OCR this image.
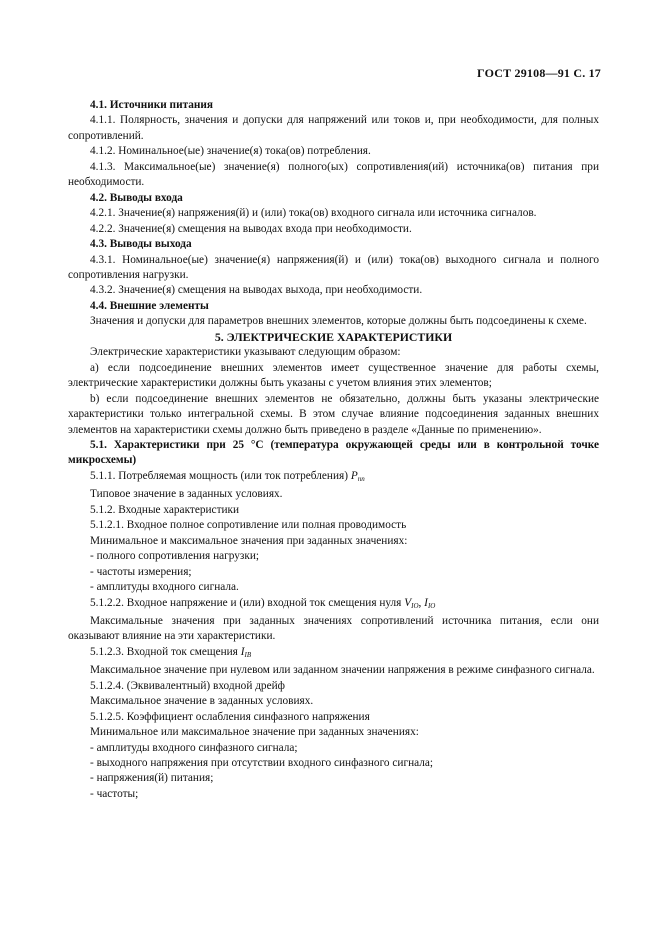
ГОСТ 29108—91 С. 17

4.1. Источники питания

4.1.1. Полярность, значения и допуски для напряжений или токов и, при необходимости, для полных сопротивлений.

4.1.2. Номинальное(ые) значение(я) тока(ов) потребления.

4.1.3. Максимальное(ые) значение(я) полного(ых) сопротивления(ий) источника(ов) питания при необходимости.

4.2. Выводы входа

4.2.1. Значение(я) напряжения(й) и (или) тока(ов) входного сигнала или источника сигналов.

4.2.2. Значение(я) смещения на выводах входа при необходимости.

4.3. Выводы выхода

4.3.1. Номинальное(ые) значение(я) напряжения(й) и (или) тока(ов) выходного сигнала и полного сопротивления нагрузки.

4.3.2. Значение(я) смещения на выводах выхода, при необходимости.

4.4. Внешние элементы

Значения и допуски для параметров внешних элементов, которые должны быть подсоединены к схеме.

5. ЭЛЕКТРИЧЕСКИЕ ХАРАКТЕРИСТИКИ

Электрические характеристики указывают следующим образом:

а) если подсоединение внешних элементов имеет существенное значение для работы схемы, электрические характеристики должны быть указаны с учетом влияния этих элементов;

b) если подсоединение внешних элементов не обязательно, должны быть указаны электрические характеристики только интегральной схемы. В этом случае влияние подсоединения заданных внешних элементов на характеристики схемы должно быть приведено в разделе «Данные по применению».

5.1. Характеристики при 25 °С (температура окружающей среды или в контрольной точке микросхемы)

5.1.1. Потребляемая мощность (или ток потребления) $P_{пп}$

Типовое значение в заданных условиях.

5.1.2. Входные характеристики

5.1.2.1. Входное полное сопротивление или полная проводимость

Минимальное и максимальное значения при заданных значениях:

- полного сопротивления нагрузки;

- частоты измерения;

- амплитуды входного сигнала.

5.1.2.2. Входное напряжение и (или) входной ток смещения нуля $V_{IO}$, $I_{IO}$

Максимальные значения при заданных значениях сопротивлений источника питания, если они оказывают влияние на эти характеристики.

5.1.2.3. Входной ток смещения $I_{IB}$

Максимальное значение при нулевом или заданном значении напряжения в режиме синфазного сигнала.

5.1.2.4. (Эквивалентный) входной дрейф

Максимальное значение в заданных условиях.

5.1.2.5. Коэффициент ослабления синфазного напряжения

Минимальное или максимальное значение при заданных значениях:

- амплитуды входного синфазного сигнала;

- выходного напряжения при отсутствии входного синфазного сигнала;

- напряжения(й) питания;

- частоты;
